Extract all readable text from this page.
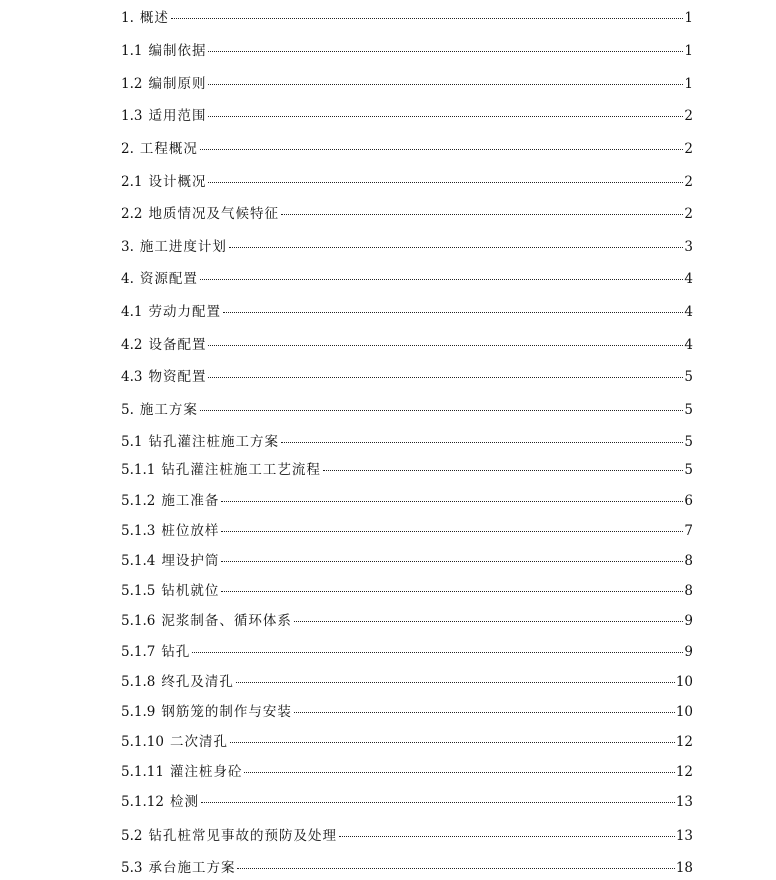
1. 概述	1
1.1 编制依据	1
1.2 编制原则	1
1.3 适用范围	2
2. 工程概况	2
2.1 设计概况	2
2.2 地质情况及气候特征	2
3. 施工进度计划	3
4. 资源配置	4
4.1 劳动力配置	4
4.2 设备配置	4
4.3 物资配置	5
5. 施工方案	5
5.1 钻孔灌注桩施工方案	5
5.1.1 钻孔灌注桩施工工艺流程	5
5.1.2 施工准备	6
5.1.3 桩位放样	7
5.1.4 埋设护筒	8
5.1.5 钻机就位	8
5.1.6 泥浆制备、循环体系	9
5.1.7 钻孔	9
5.1.8 终孔及清孔	10
5.1.9 钢筋笼的制作与安装	10
5.1.10 二次清孔	12
5.1.11 灌注桩身砼	12
5.1.12 检测	13
5.2 钻孔桩常见事故的预防及处理	13
5.3 承台施工方案	18
